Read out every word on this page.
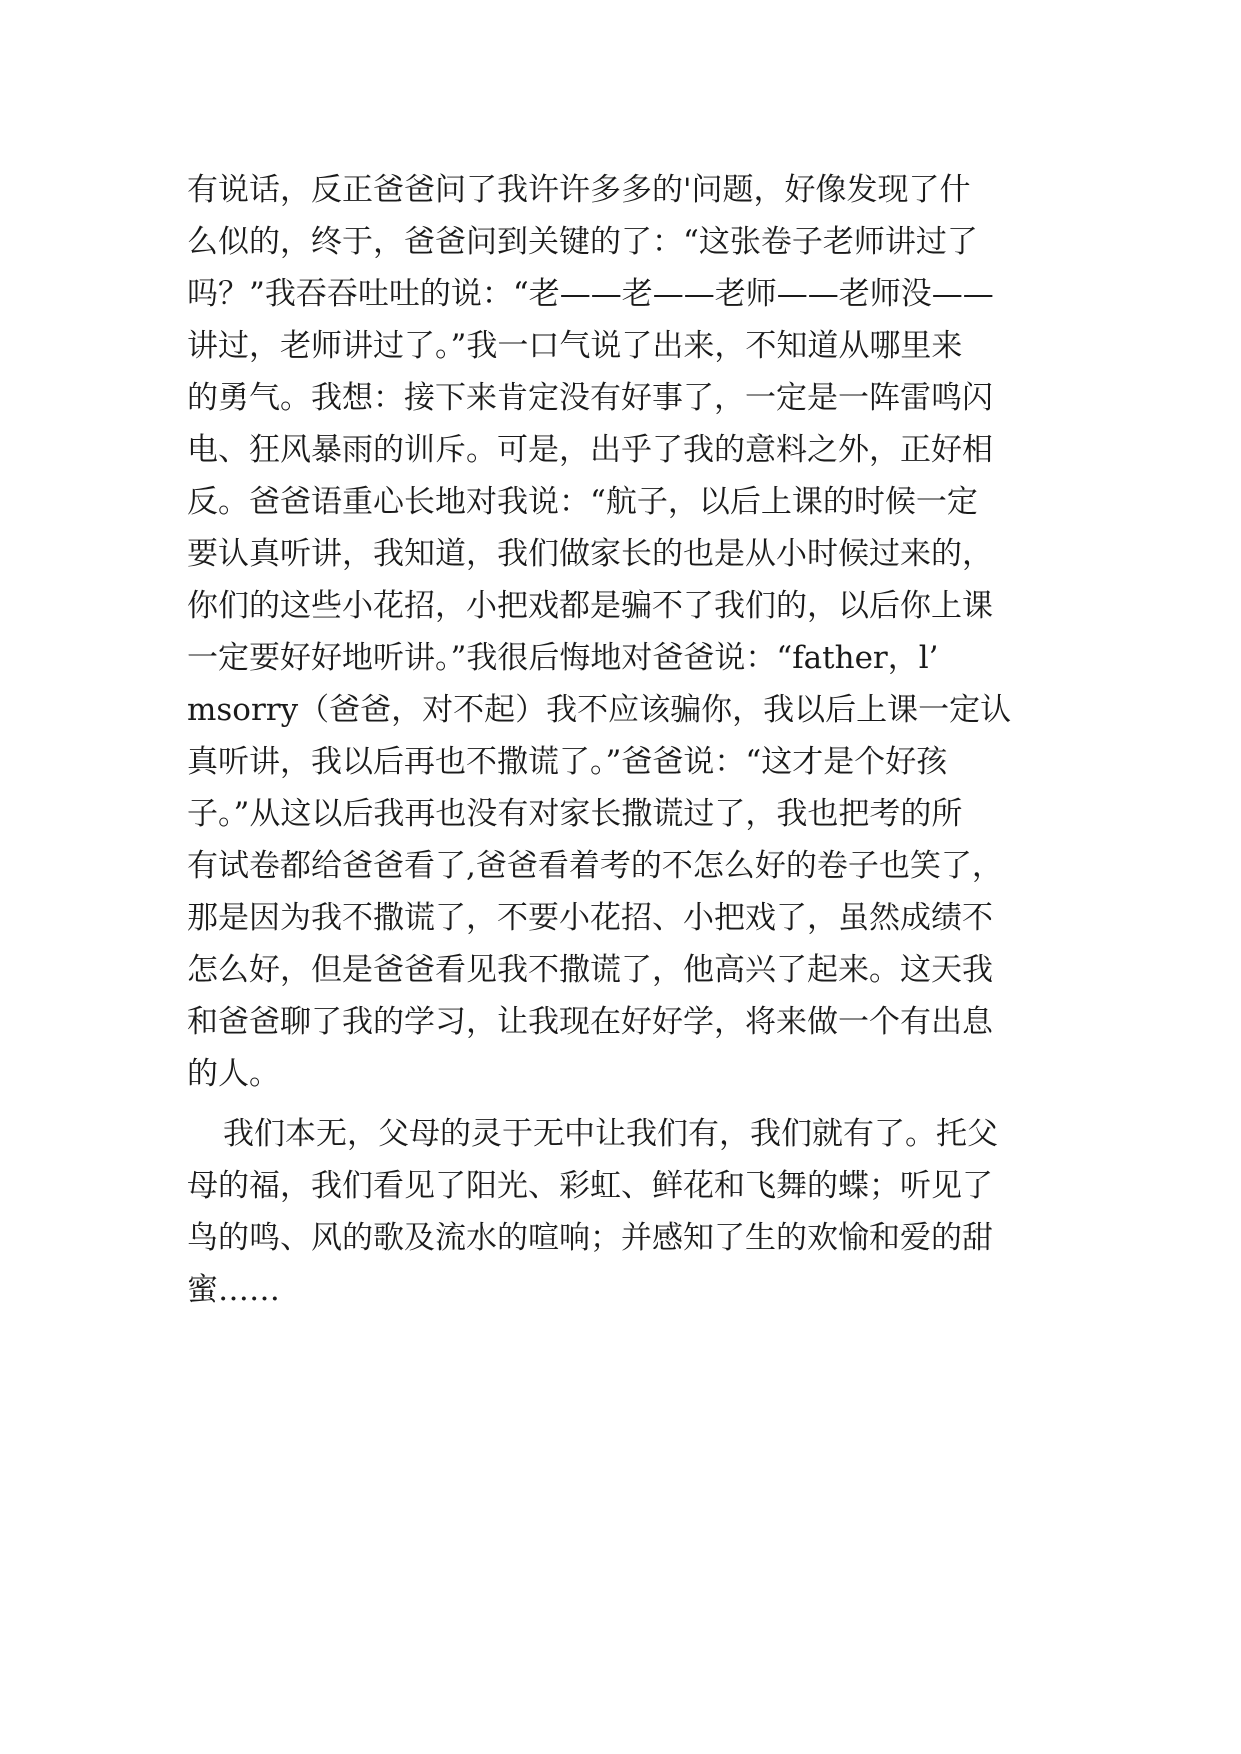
有说话，反正爸爸问了我许许多多的'问题，好像发现了什
么似的，终于，爸爸问到关键的了：“这张卷子老师讲过了
吗？”我吞吞吐吐的说：“老——老——老师——老师没——
讲过，老师讲过了。”我一口气说了出来，不知道从哪里来
的勇气。我想：接下来肯定没有好事了，一定是一阵雷鸣闪
电、狂风暴雨的训斥。可是，出乎了我的意料之外，正好相
反。爸爸语重心长地对我说：“航子，以后上课的时候一定
要认真听讲，我知道，我们做家长的也是从小时候过来的，
你们的这些小花招，小把戏都是骗不了我们的，以后你上课
一定要好好地听讲。”我很后悔地对爸爸说：“father，l’
msorry（爸爸，对不起）我不应该骗你，我以后上课一定认
真听讲，我以后再也不撒谎了。”爸爸说：“这才是个好孩
子。”从这以后我再也没有对家长撒谎过了，我也把考的所
有试卷都给爸爸看了,爸爸看着考的不怎么好的卷子也笑了，
那是因为我不撒谎了，不要小花招、小把戏了，虽然成绩不
怎么好，但是爸爸看见我不撒谎了，他高兴了起来。这天我
和爸爸聊了我的学习，让我现在好好学，将来做一个有出息
的人。
我们本无，父母的灵于无中让我们有，我们就有了。托父
母的福，我们看见了阳光、彩虹、鲜花和飞舞的蝶；听见了
鸟的鸣、风的歌及流水的喧响；并感知了生的欢愉和爱的甜
蜜……
